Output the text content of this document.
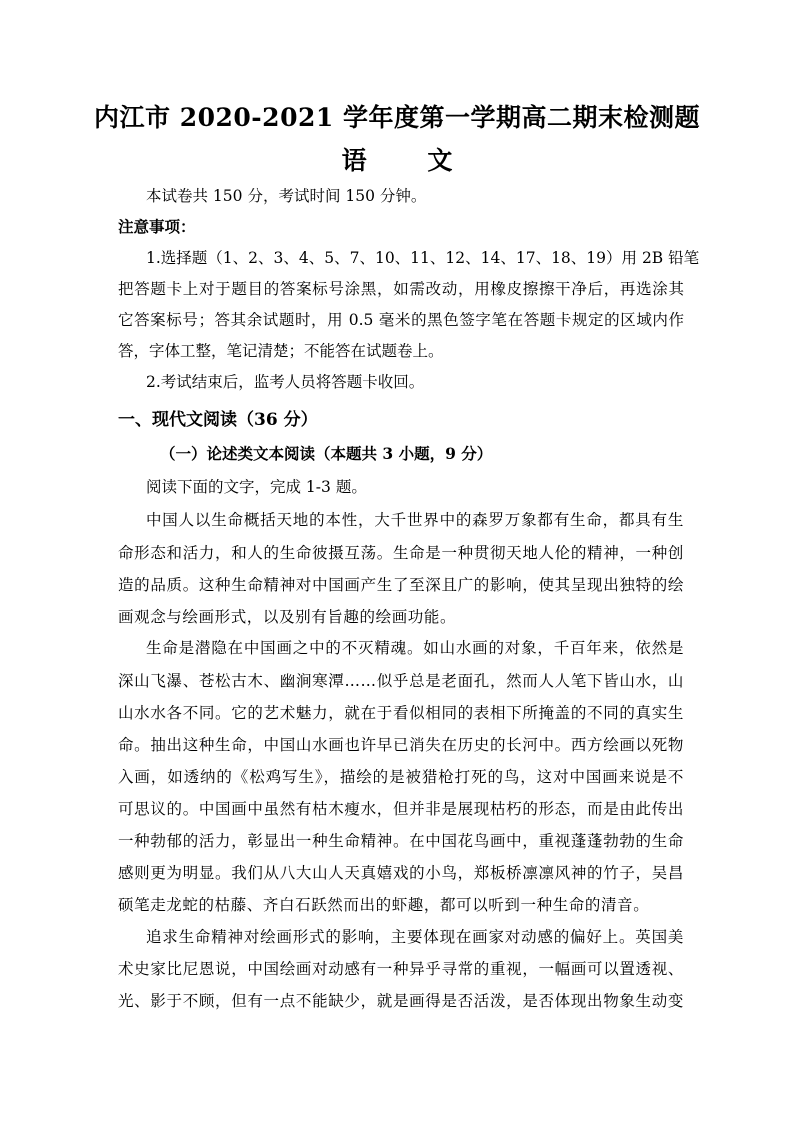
内江市 2020-2021 学年度第一学期高二期末检测题
语 文
本试卷共 150 分，考试时间 150 分钟。
注意事项：
1.选择题（1、2、3、4、5、7、10、11、12、14、17、18、19）用 2B 铅笔
把答题卡上对于题目的答案标号涂黑，如需改动，用橡皮擦擦干净后，再选涂其
它答案标号；答其余试题时，用 0.5 毫米的黑色签字笔在答题卡规定的区域内作
答，字体工整，笔记清楚；不能答在试题卷上。
2.考试结束后，监考人员将答题卡收回。
一、现代文阅读（36 分）
（一）论述类文本阅读（本题共 3 小题，9 分）
阅读下面的文字，完成 1-3 题。
中国人以生命概括天地的本性，大千世界中的森罗万象都有生命，都具有生
命形态和活力，和人的生命彼摄互荡。生命是一种贯彻天地人伦的精神，一种创
造的品质。这种生命精神对中国画产生了至深且广的影响，使其呈现出独特的绘
画观念与绘画形式，以及别有旨趣的绘画功能。
生命是潜隐在中国画之中的不灭精魂。如山水画的对象，千百年来，依然是
深山飞瀑、苍松古木、幽涧寒潭……似乎总是老面孔，然而人人笔下皆山水，山
山水水各不同。它的艺术魅力，就在于看似相同的表相下所掩盖的不同的真实生
命。抽出这种生命，中国山水画也许早已消失在历史的长河中。西方绘画以死物
入画，如透纳的《松鸡写生》，描绘的是被猎枪打死的鸟，这对中国画来说是不
可思议的。中国画中虽然有枯木瘦水，但并非是展现枯朽的形态，而是由此传出
一种勃郁的活力，彰显出一种生命精神。在中国花鸟画中，重视蓬蓬勃勃的生命
感则更为明显。我们从八大山人天真嬉戏的小鸟，郑板桥凛凛风神的竹子，吴昌
硕笔走龙蛇的枯藤、齐白石跃然而出的虾趣，都可以听到一种生命的清音。
追求生命精神对绘画形式的影响，主要体现在画家对动感的偏好上。英国美
术史家比尼恩说，中国绘画对动感有一种异乎寻常的重视，一幅画可以置透视、
光、影于不顾，但有一点不能缺少，就是画得是否活泼，是否体现出物象生动变
